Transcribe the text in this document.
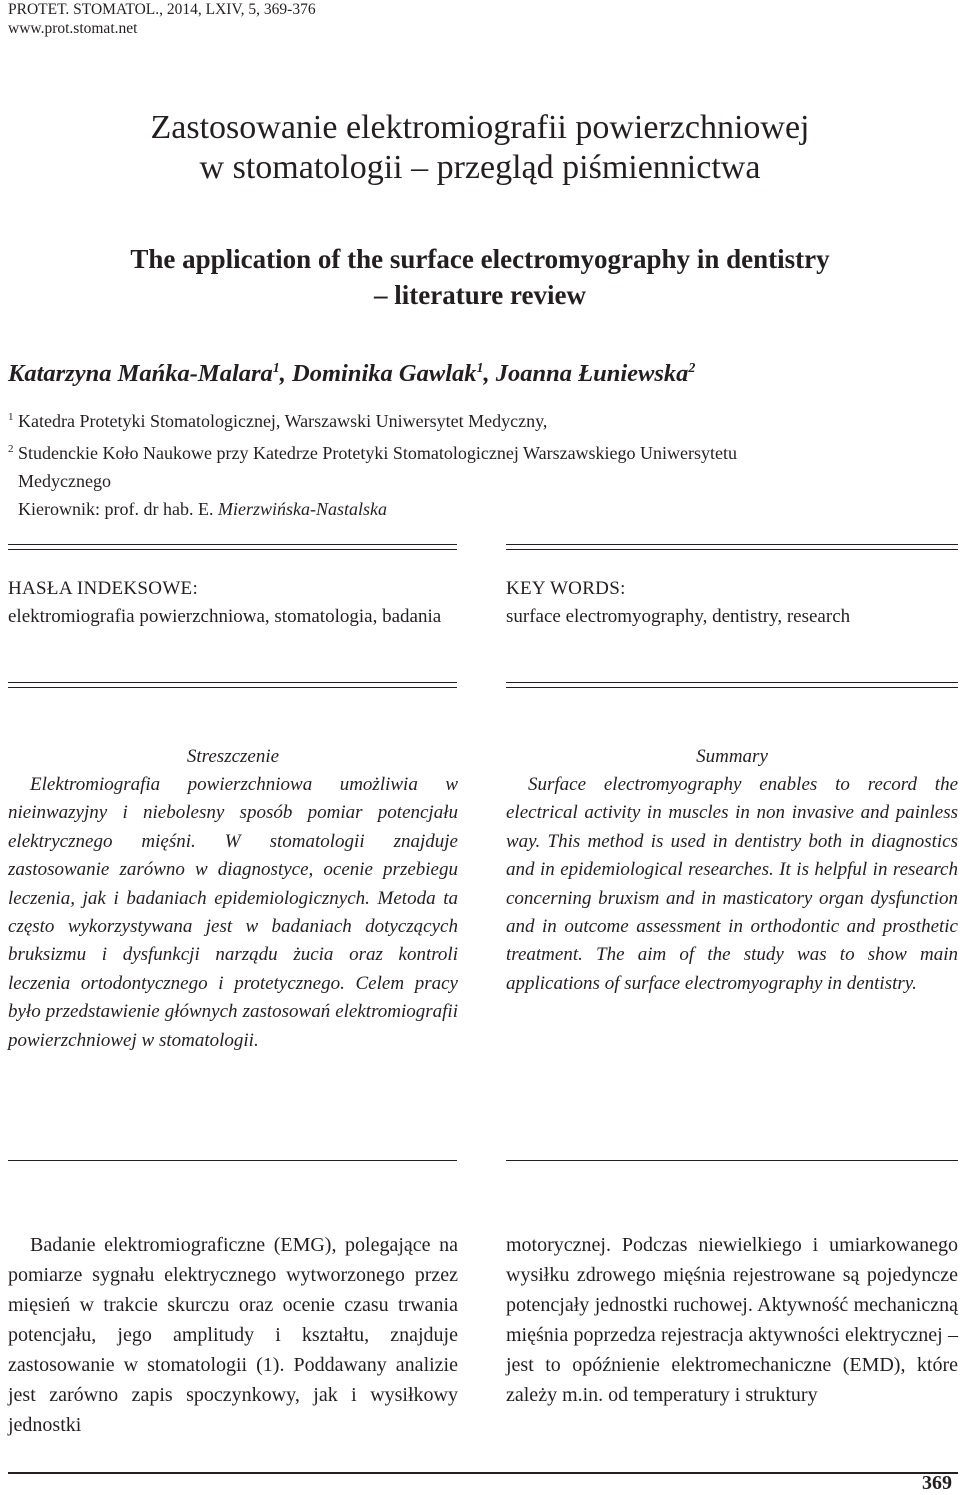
PROTET. STOMATOL., 2014, LXIV, 5, 369-376
www.prot.stomat.net
Zastosowanie elektromiografii powierzchniowej
w stomatologii – przegląd piśmiennictwa
The application of the surface electromyography in dentistry
– literature review
Katarzyna Mańka-Malara$^1$, Dominika Gawlak$^1$, Joanna Łuniewska$^2$
$^1$ Katedra Protetyki Stomatologicznej, Warszawski Uniwersytet Medyczny,
$^2$ Studenckie Koło Naukowe przy Katedrze Protetyki Stomatologicznej Warszawskiego Uniwersytetu
Medycznego
Kierownik: prof. dr hab. E. Mierzwińska-Nastalska
HASŁA INDEKSOWE:
elektromiografia powierzchniowa, stomatologia, badania
KEY WORDS:
surface electromyography, dentistry, research
Streszczenie
Elektromiografia powierzchniowa umożliwia w nieinwazyjny i niebolesny sposób pomiar potencjału elektrycznego mięśni. W stomatologii znajduje zastosowanie zarówno w diagnostyce, ocenie przebiegu leczenia, jak i badaniach epidemiologicznych. Metoda ta często wykorzystywana jest w badaniach dotyczących bruksizmu i dysfunkcji narządu żucia oraz kontroli leczenia ortodontycznego i protetycznego. Celem pracy było przedstawienie głównych zastosowań elektromiografii powierzchniowej w stomatologii.
Summary
Surface electromyography enables to record the electrical activity in muscles in non invasive and painless way. This method is used in dentistry both in diagnostics and in epidemiological researches. It is helpful in research concerning bruxism and in masticatory organ dysfunction and in outcome assessment in orthodontic and prosthetic treatment. The aim of the study was to show main applications of surface electromyography in dentistry.
Badanie elektromiograficzne (EMG), polegające na pomiarze sygnału elektrycznego wytworzonego przez mięsień w trakcie skurczu oraz ocenie czasu trwania potencjału, jego amplitudy i kształtu, znajduje zastosowanie w stomatologii (1). Poddawany analizie jest zarówno zapis spoczynkowy, jak i wysiłkowy jednostki
motorycznej. Podczas niewielkiego i umiarkowanego wysiłku zdrowego mięśnia rejestrowane są pojedyncze potencjały jednostki ruchowej. Aktywność mechaniczną mięśnia poprzedza rejestracja aktywności elektrycznej – jest to opóźnienie elektromechaniczne (EMD), które zależy m.in. od temperatury i struktury
369
